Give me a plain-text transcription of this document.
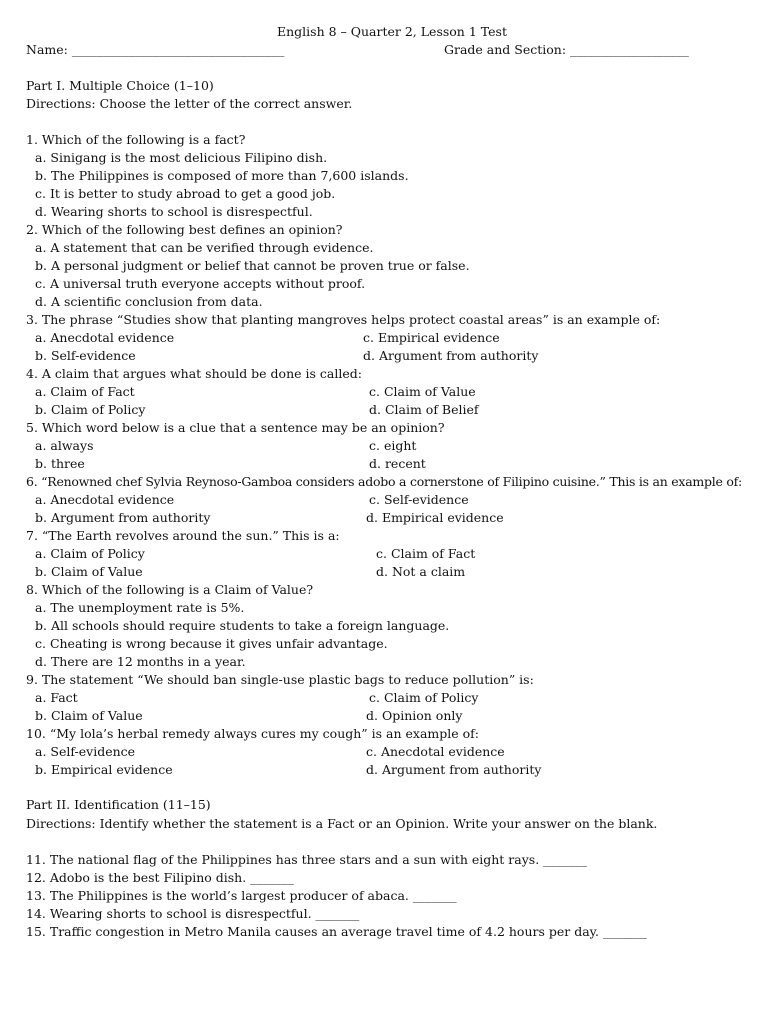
English 8 – Quarter 2, Lesson 1 Test
Name: __________________________________	Grade and Section: ___________________
Part I. Multiple Choice (1–10)
Directions: Choose the letter of the correct answer.
1. Which of the following is a fact?
a. Sinigang is the most delicious Filipino dish.
b. The Philippines is composed of more than 7,600 islands.
c. It is better to study abroad to get a good job.
d. Wearing shorts to school is disrespectful.
2. Which of the following best defines an opinion?
a. A statement that can be verified through evidence.
b. A personal judgment or belief that cannot be proven true or false.
c. A universal truth everyone accepts without proof.
d. A scientific conclusion from data.
3. The phrase “Studies show that planting mangroves helps protect coastal areas” is an example of:
a. Anecdotal evidence	c. Empirical evidence
b. Self-evidence	d. Argument from authority
4. A claim that argues what should be done is called:
a. Claim of Fact	c. Claim of Value
b. Claim of Policy	d. Claim of Belief
5. Which word below is a clue that a sentence may be an opinion?
a. always	c. eight
b. three	d. recent
6. “Renowned chef Sylvia Reynoso-Gamboa considers adobo a cornerstone of Filipino cuisine.” This is an example of:
a. Anecdotal evidence	c. Self-evidence
b. Argument from authority	d. Empirical evidence
7. “The Earth revolves around the sun.” This is a:
a. Claim of Policy	c. Claim of Fact
b. Claim of Value	d. Not a claim
8. Which of the following is a Claim of Value?
a. The unemployment rate is 5%.
b. All schools should require students to take a foreign language.
c. Cheating is wrong because it gives unfair advantage.
d. There are 12 months in a year.
9. The statement “We should ban single-use plastic bags to reduce pollution” is:
a. Fact	c. Claim of Policy
b. Claim of Value	d. Opinion only
10. “My lola’s herbal remedy always cures my cough” is an example of:
a. Self-evidence	c. Anecdotal evidence
b. Empirical evidence	d. Argument from authority
Part II. Identification (11–15)
Directions: Identify whether the statement is a Fact or an Opinion. Write your answer on the blank.
11. The national flag of the Philippines has three stars and a sun with eight rays. _______
12. Adobo is the best Filipino dish. _______
13. The Philippines is the world’s largest producer of abaca. _______
14. Wearing shorts to school is disrespectful. _______
15. Traffic congestion in Metro Manila causes an average travel time of 4.2 hours per day. _______
